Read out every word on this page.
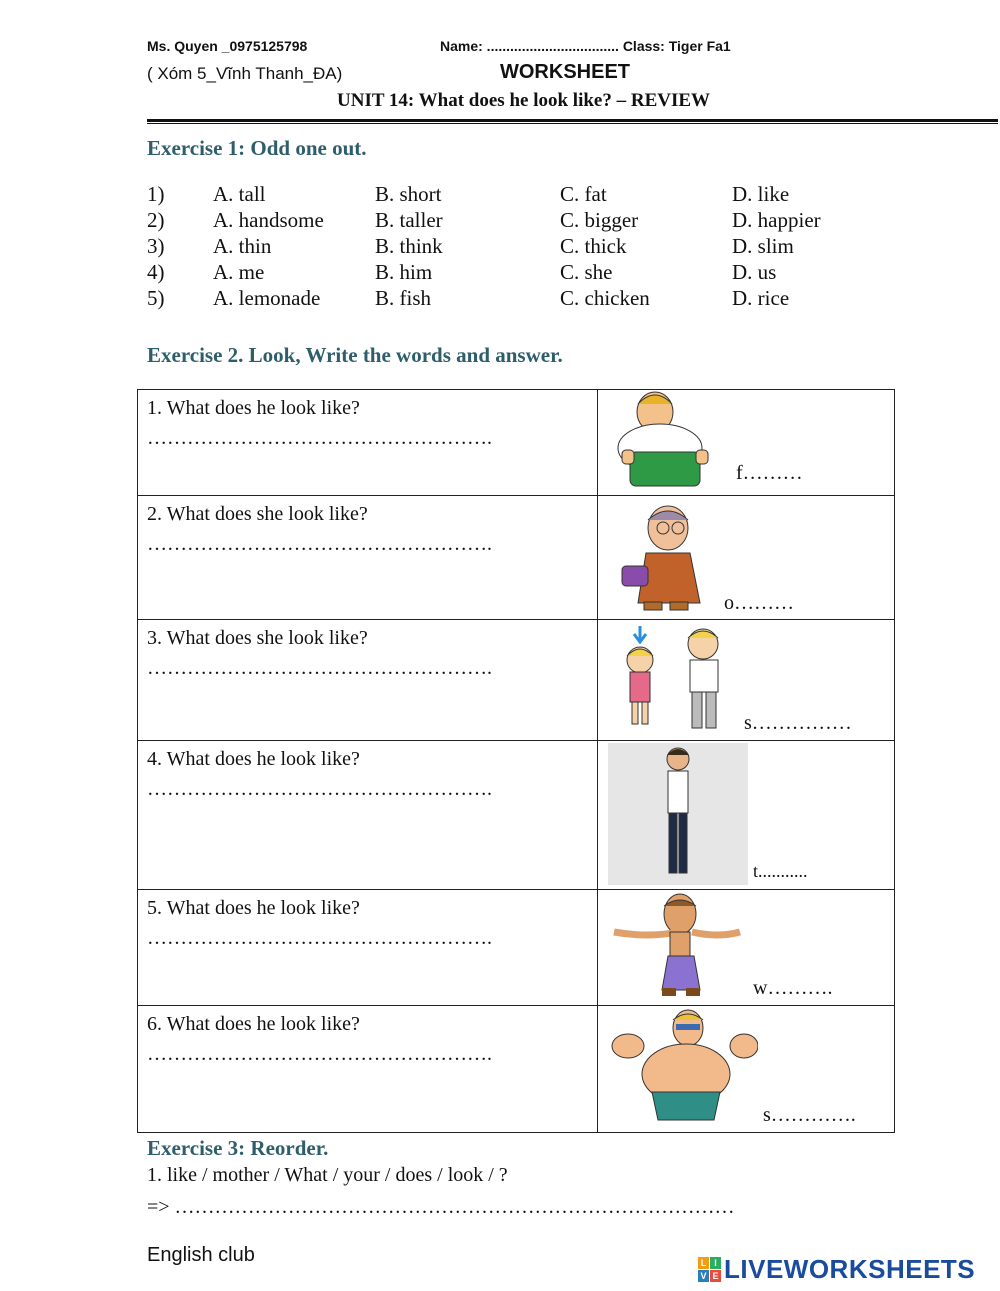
Ms. Quyen _0975125798	Name: .................................. Class: Tiger Fa1
( Xóm 5_Vĩnh Thanh_ĐA)	WORKSHEET
UNIT 14: What does he look like? – REVIEW
Exercise 1: Odd one out.
1) A. tall	B. short	C. fat	D. like
2) A. handsome B. taller	C. bigger	D. happier
3) A. thin	B. think	C. thick	D. slim
4) A. me	B. him	C. she	D. us
5) A. lemonade	B. fish	C. chicken	D. rice
Exercise 2. Look, Write the words and answer.
1. What does he look like?
…………………………………………….	f………

2. What does she look like?
…………………………………………….	o………

3. What does she look like?
…………………………………………….	s……………

4. What does he look like?
…………………………………………….	t...........

5. What does he look like?
…………………………………………….	w……….

6. What does he look like?
…………………………………………….	s………….
Exercise 3: Reorder.
1. like / mother / What / your / does / look / ?
=> …………………………………………………………………………
English club	L I
V E LIVEWORKSHEETS
